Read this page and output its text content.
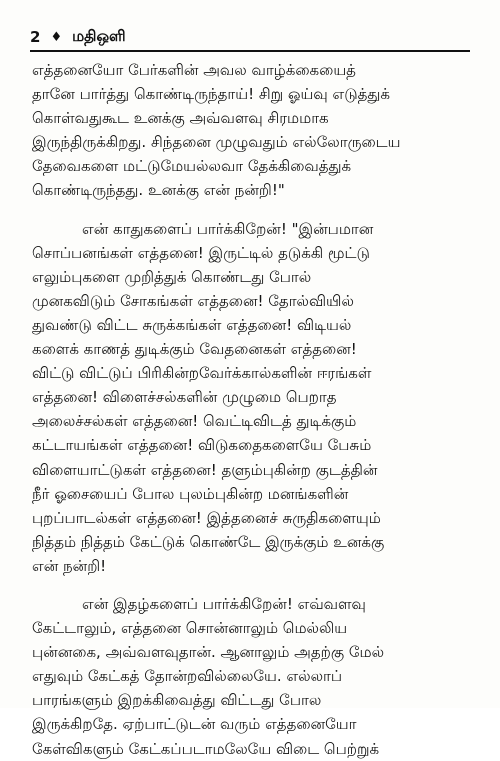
2 ♦ மதிஒளி

எத்தனையோ பேர்களின் அவல வாழ்க்கையைத்
தானே பார்த்து கொண்டிருந்தாய்! சிறு ஓய்வு எடுத்துக்
கொள்வதுகூட உனக்கு அவ்வளவு சிரமமாக
இருந்திருக்கிறது. சிந்தனை முழுவதும் எல்லோருடைய
தேவைகளை மட்டுமேயல்லவா தேக்கிவைத்துக்
கொண்டிருந்தது. உனக்கு என் நன்றி!"

என் காதுகளைப் பார்க்கிறேன்! "இன்பமான
சொப்பனங்கள் எத்தனை! இருட்டில் தடுக்கி மூட்டு
எலும்புகளை முறித்துக் கொண்டது போல்
முனகவிடும் சோகங்கள் எத்தனை! தோல்வியில்
துவண்டு விட்ட சுருக்கங்கள் எத்தனை! விடியல்
களைக் காணத் துடிக்கும் வேதனைகள் எத்தனை!
விட்டு விட்டுப் பிரிகின்றவேர்க்கால்களின் ஈரங்கள்
எத்தனை! விளைச்சல்களின் முழுமை பெறாத
அலைச்சல்கள் எத்தனை! வெட்டிவிடத் துடிக்கும்
கட்டாயங்கள் எத்தனை! விடுகதைகளையே பேசும்
விளையாட்டுகள் எத்தனை! தளும்புகின்ற குடத்தின்
நீர் ஓசையைப் போல புலம்புகின்ற மனங்களின்
புறப்பாடல்கள் எத்தனை! இத்தனைச் சுருதிகளையும்
நித்தம் நித்தம் கேட்டுக் கொண்டே இருக்கும் உனக்கு
என் நன்றி!

என் இதழ்களைப் பார்க்கிறேன்! எவ்வளவு
கேட்டாலும், எத்தனை சொன்னாலும் மெல்லிய
புன்னகை, அவ்வளவுதான். ஆனாலும் அதற்கு மேல்
எதுவும் கேட்கத் தோன்றவில்லையே. எல்லாப்
பாரங்களும் இறக்கிவைத்து விட்டது போல
இருக்கிறதே. ஏற்பாட்டுடன் வரும் எத்தனையோ
கேள்விகளும் கேட்கப்படாமலேயே விடை பெற்றுக்
